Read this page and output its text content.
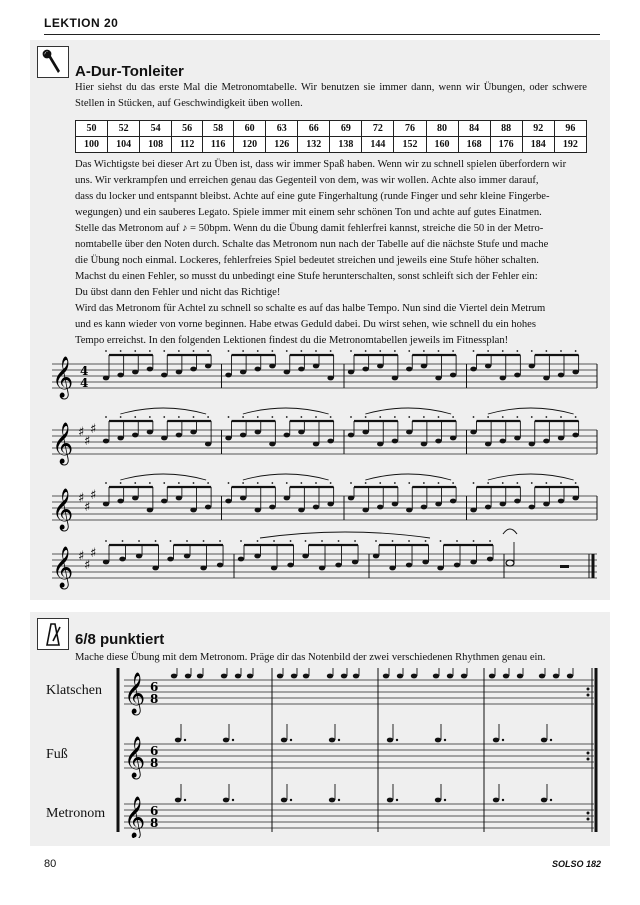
LEKTION 20
A-Dur-Tonleiter
Hier siehst du das erste Mal die Metronomtabelle. Wir benutzen sie immer dann, wenn wir Übungen, oder schwere Stellen in Stücken, auf Geschwindigkeit üben wollen.
50	52	54	56	58	60	63	66	69	72	76	80	84	88	92	96
100	104	108	112	116	120	126	132	138	144	152	160	168	176	184	192
Das Wichtigste bei dieser Art zu Üben ist, dass wir immer Spaß haben. Wenn wir zu schnell spielen überfordern wir
uns. Wir verkrampfen und erreichen genau das Gegenteil von dem, was wir wollen. Achte also immer darauf,
dass du locker und entspannt bleibst. Achte auf eine gute Fingerhaltung (runde Finger und sehr kleine Fingerbe-
wegungen) und ein sauberes Legato. Spiele immer mit einem sehr schönen Ton und achte auf gutes Einatmen.
Stelle das Metronom auf ♪ = 50bpm. Wenn du die Übung damit fehlerfrei kannst, streiche die 50 in der Metro-
nomtabelle über den Noten durch. Schalte das Metronom nun nach der Tabelle auf die nächste Stufe und mache
die Übung noch einmal. Lockeres, fehlerfreies Spiel bedeutet streichen und jeweils eine Stufe höher schalten.
Machst du einen Fehler, so musst du unbedingt eine Stufe herunterschalten, sonst schleift sich der Fehler ein:
Du übst dann den Fehler und nicht das Richtige!
Wird das Metronom für Achtel zu schnell so schalte es auf das halbe Tempo. Nun sind die Viertel dein Metrum
und es kann wieder von vorne beginnen. Habe etwas Geduld dabei. Du wirst sehen, wie schnell du ein hohes
Tempo erreichst. In den folgenden Lektionen findest du die Metronomtabellen jeweils im Fitnessplan!
𝄞 4
4
𝄞 ♯
♯
♯
𝄞 ♯
♯
♯
𝄞 ♯
♯
♯
6/8 punktiert
Mache diese Übung mit dem Metronom. Präge dir das Notenbild der zwei verschiedenen Rhythmen genau ein.
Klatschen
Fuß
Metronom
𝄞 6
8
𝄞 6
8
𝄞 6
8
80	SOLSO 182
